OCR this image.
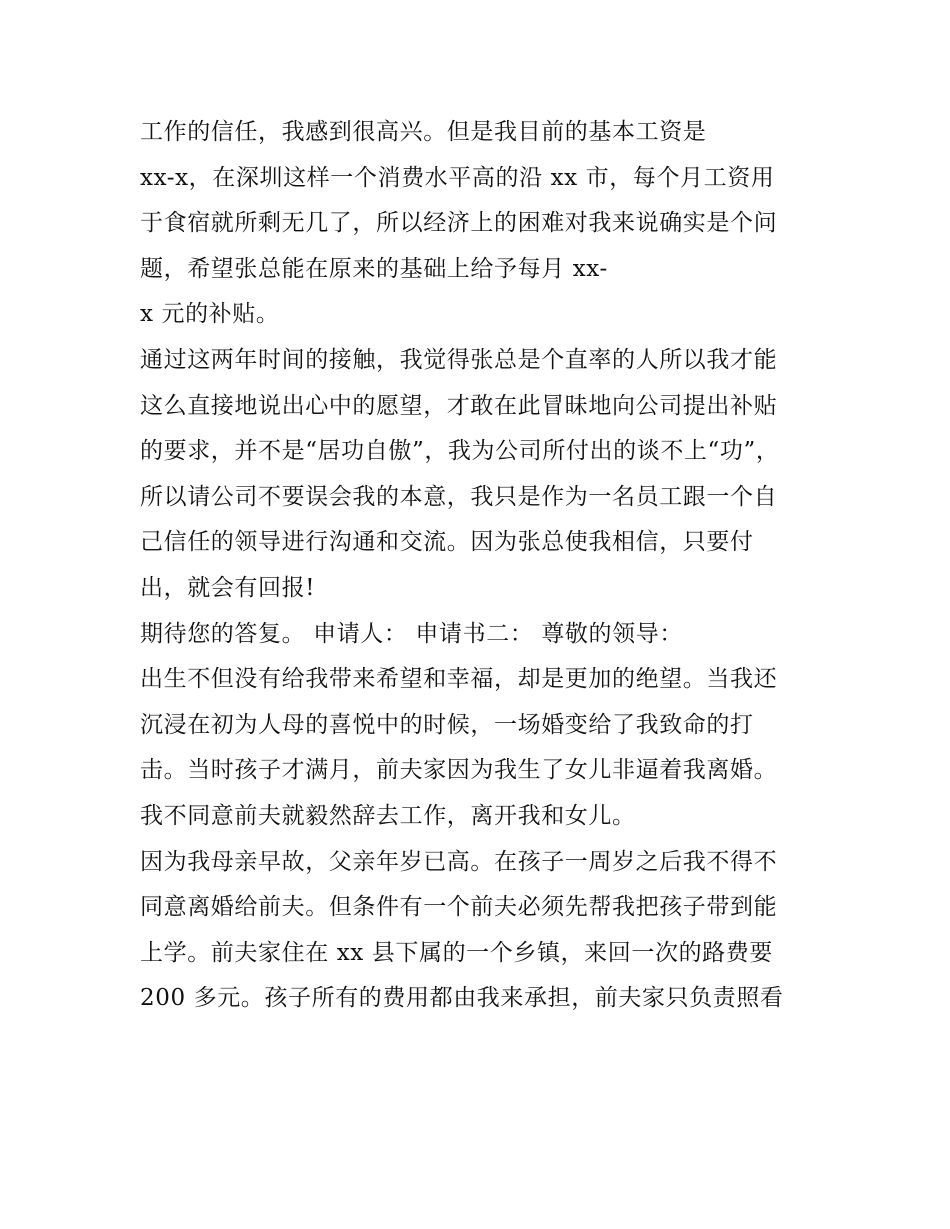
工作的信任，我感到很高兴。但是我目前的基本工资是
xx-x，在深圳这样一个消费水平高的沿 xx 市，每个月工资用
于食宿就所剩无几了，所以经济上的困难对我来说确实是个问
题，希望张总能在原来的基础上给予每月 xx-
x 元的补贴。
通过这两年时间的接触，我觉得张总是个直率的人所以我才能
这么直接地说出心中的愿望，才敢在此冒昧地向公司提出补贴
的要求，并不是“居功自傲”，我为公司所付出的谈不上“功”，
所以请公司不要误会我的本意，我只是作为一名员工跟一个自
己信任的领导进行沟通和交流。因为张总使我相信，只要付
出，就会有回报!
期待您的答复。 申请人： 申请书二： 尊敬的领导：
出生不但没有给我带来希望和幸福，却是更加的绝望。当我还
沉浸在初为人母的喜悦中的时候，一场婚变给了我致命的打
击。当时孩子才满月，前夫家因为我生了女儿非逼着我离婚。
我不同意前夫就毅然辞去工作，离开我和女儿。
因为我母亲早故，父亲年岁已高。在孩子一周岁之后我不得不
同意离婚给前夫。但条件有一个前夫必须先帮我把孩子带到能
上学。前夫家住在 xx 县下属的一个乡镇，来回一次的路费要
200 多元。孩子所有的费用都由我来承担，前夫家只负责照看
